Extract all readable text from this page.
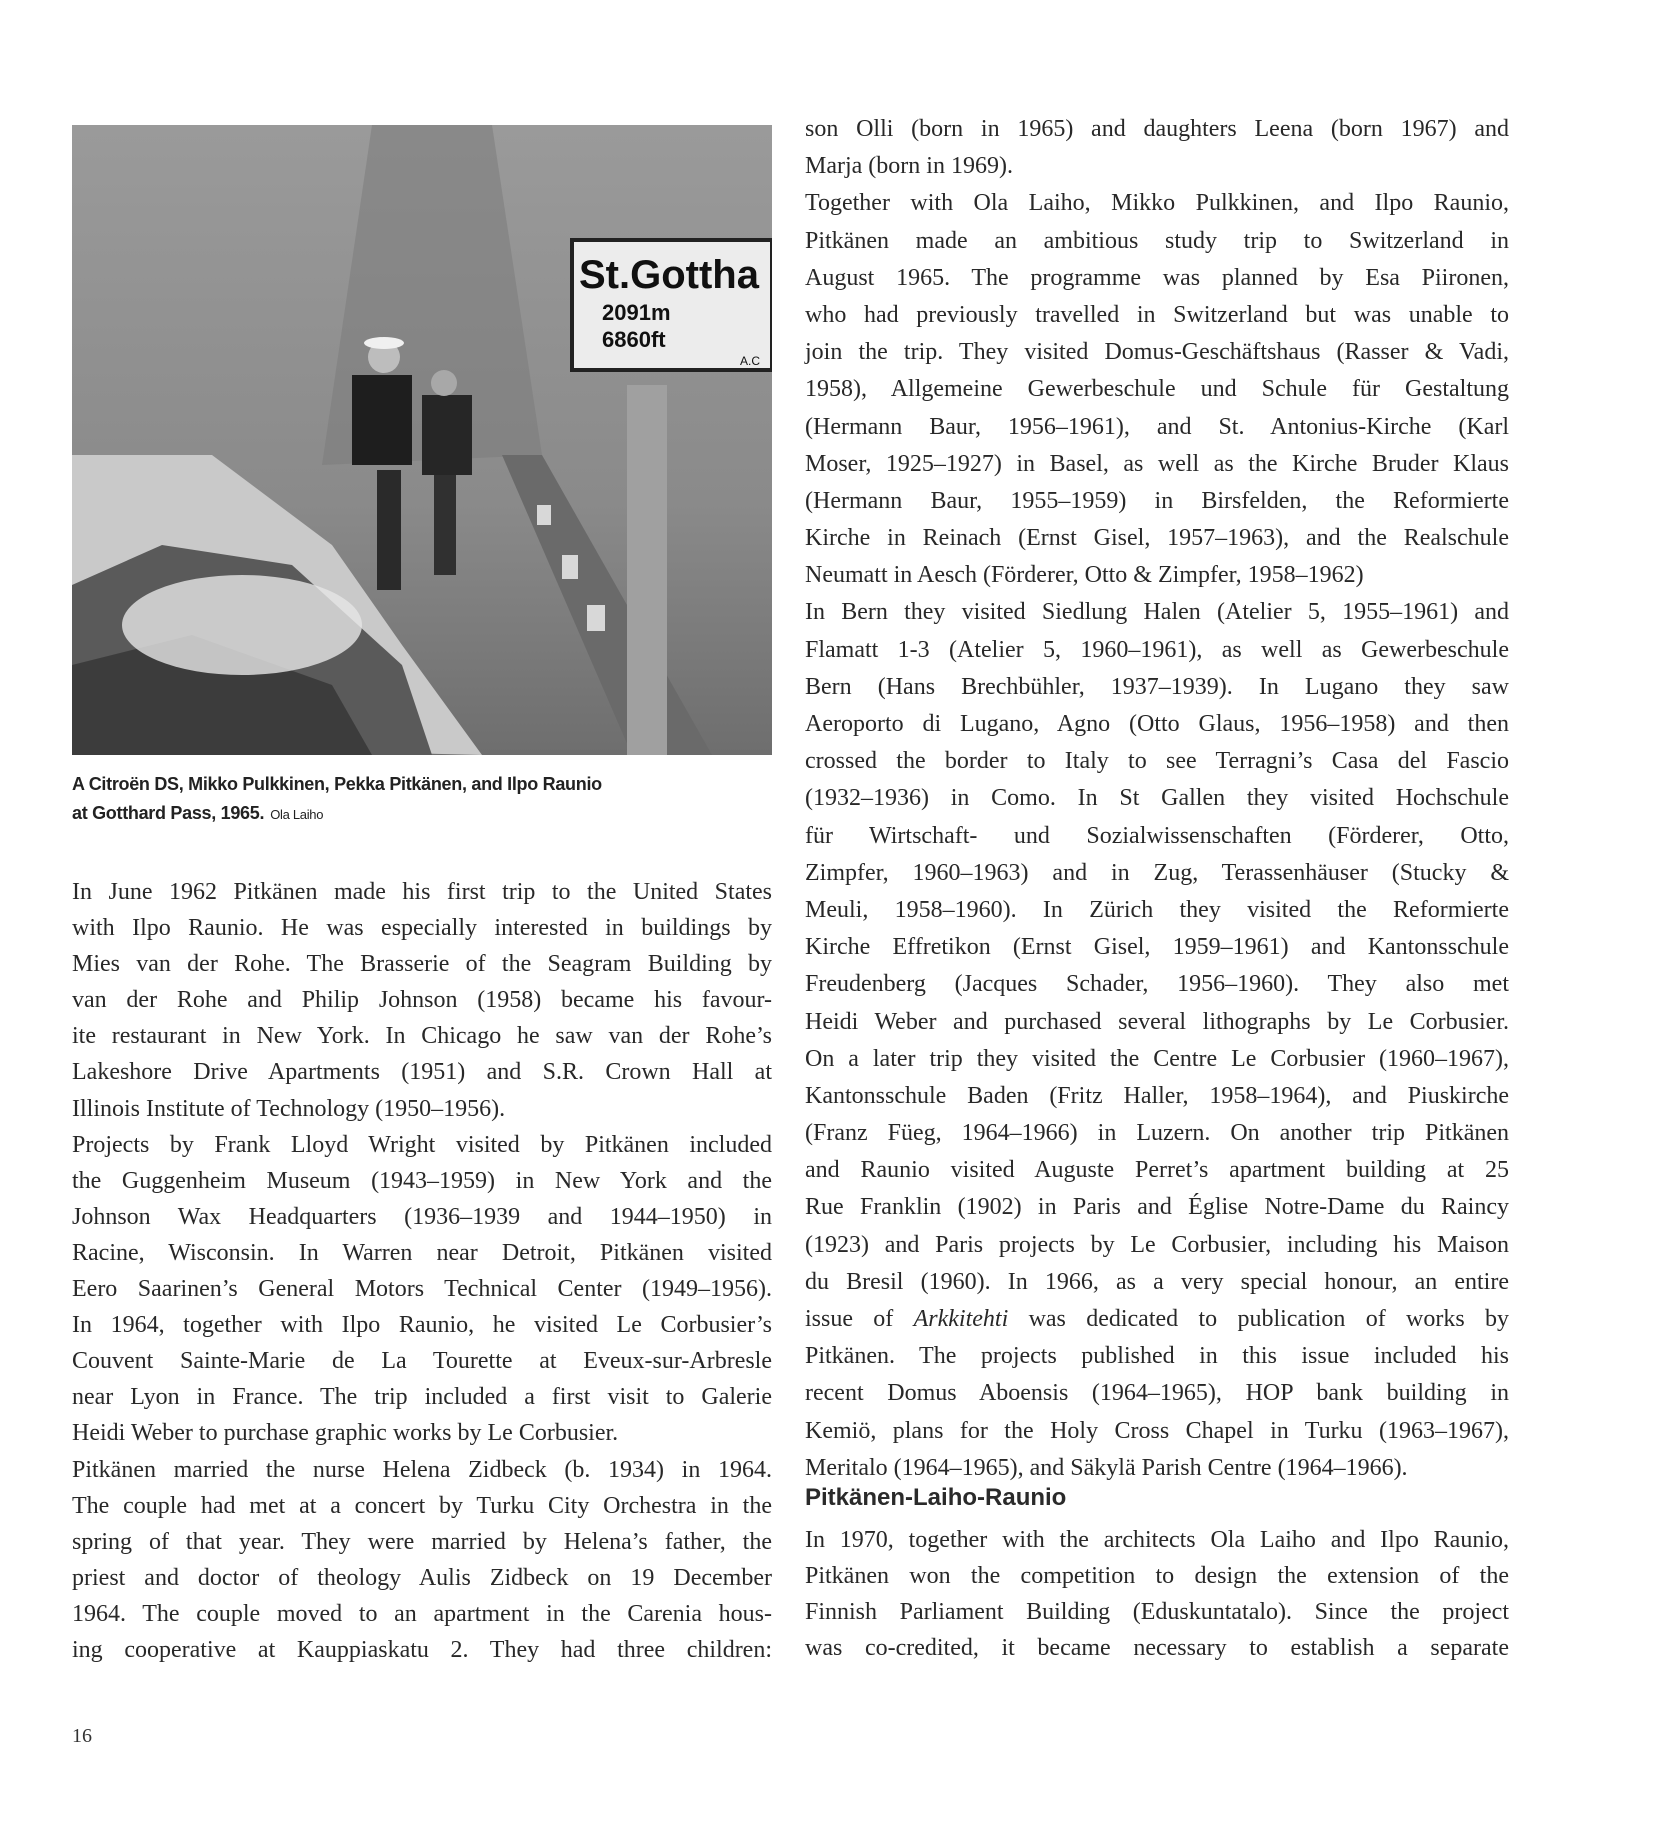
St.Gottha
2091m
6860ft
A.C
A Citroën DS, Mikko Pulkkinen, Pekka Pitkänen, and Ilpo Raunio
at Gotthard Pass, 1965. Ola Laiho
In June 1962 Pitkänen made his first trip to the United States
with Ilpo Raunio. He was especially interested in buildings by
Mies van der Rohe. The Brasserie of the Seagram Building by
van der Rohe and Philip Johnson (1958) became his favour-
ite restaurant in New York. In Chicago he saw van der Rohe’s
Lakeshore Drive Apartments (1951) and S.R. Crown Hall at
Illinois Institute of Technology (1950–1956).
Projects by Frank Lloyd Wright visited by Pitkänen included
the Guggenheim Museum (1943–1959) in New York and the
Johnson Wax Headquarters (1936–1939 and 1944–1950) in
Racine, Wisconsin. In Warren near Detroit, Pitkänen visited
Eero Saarinen’s General Motors Technical Center (1949–1956).
In 1964, together with Ilpo Raunio, he visited Le Corbusier’s
Couvent Sainte-Marie de La Tourette at Eveux-sur-Arbresle
near Lyon in France. The trip included a first visit to Galerie
Heidi Weber to purchase graphic works by Le Corbusier.
Pitkänen married the nurse Helena Zidbeck (b. 1934) in 1964.
The couple had met at a concert by Turku City Orchestra in the
spring of that year. They were married by Helena’s father, the
priest and doctor of theology Aulis Zidbeck on 19 December
1964. The couple moved to an apartment in the Carenia hous-
ing cooperative at Kauppiaskatu 2. They had three children:
son Olli (born in 1965) and daughters Leena (born 1967) and
Marja (born in 1969).
Together with Ola Laiho, Mikko Pulkkinen, and Ilpo Raunio,
Pitkänen made an ambitious study trip to Switzerland in
August 1965. The programme was planned by Esa Piironen,
who had previously travelled in Switzerland but was unable to
join the trip. They visited Domus-Geschäftshaus (Rasser & Vadi,
1958), Allgemeine Gewerbeschule und Schule für Gestaltung
(Hermann Baur, 1956–1961), and St. Antonius-Kirche (Karl
Moser, 1925–1927) in Basel, as well as the Kirche Bruder Klaus
(Hermann Baur, 1955–1959) in Birsfelden, the Reformierte
Kirche in Reinach (Ernst Gisel, 1957–1963), and the Realschule
Neumatt in Aesch (Förderer, Otto & Zimpfer, 1958–1962)
In Bern they visited Siedlung Halen (Atelier 5, 1955–1961) and
Flamatt 1-3 (Atelier 5, 1960–1961), as well as Gewerbeschule
Bern (Hans Brechbühler, 1937–1939). In Lugano they saw
Aeroporto di Lugano, Agno (Otto Glaus, 1956–1958) and then
crossed the border to Italy to see Terragni’s Casa del Fascio
(1932–1936) in Como. In St Gallen they visited Hochschule
für Wirtschaft- und Sozialwissenschaften (Förderer, Otto,
Zimpfer, 1960–1963) and in Zug, Terassenhäuser (Stucky &
Meuli, 1958–1960). In Zürich they visited the Reformierte
Kirche Effretikon (Ernst Gisel, 1959–1961) and Kantonsschule
Freudenberg (Jacques Schader, 1956–1960). They also met
Heidi Weber and purchased several lithographs by Le Corbusier.
On a later trip they visited the Centre Le Corbusier (1960–1967),
Kantonsschule Baden (Fritz Haller, 1958–1964), and Piuskirche
(Franz Füeg, 1964–1966) in Luzern. On another trip Pitkänen
and Raunio visited Auguste Perret’s apartment building at 25
Rue Franklin (1902) in Paris and Église Notre-Dame du Raincy
(1923) and Paris projects by Le Corbusier, including his Maison
du Bresil (1960). In 1966, as a very special honour, an entire
issue of Arkkitehti was dedicated to publication of works by
Pitkänen. The projects published in this issue included his
recent Domus Aboensis (1964–1965), HOP bank building in
Kemiö, plans for the Holy Cross Chapel in Turku (1963–1967),
Meritalo (1964–1965), and Säkylä Parish Centre (1964–1966).
Pitkänen-Laiho-Raunio
In 1970, together with the architects Ola Laiho and Ilpo Raunio,
Pitkänen won the competition to design the extension of the
Finnish Parliament Building (Eduskuntatalo). Since the project
was co-credited, it became necessary to establish a separate
16
